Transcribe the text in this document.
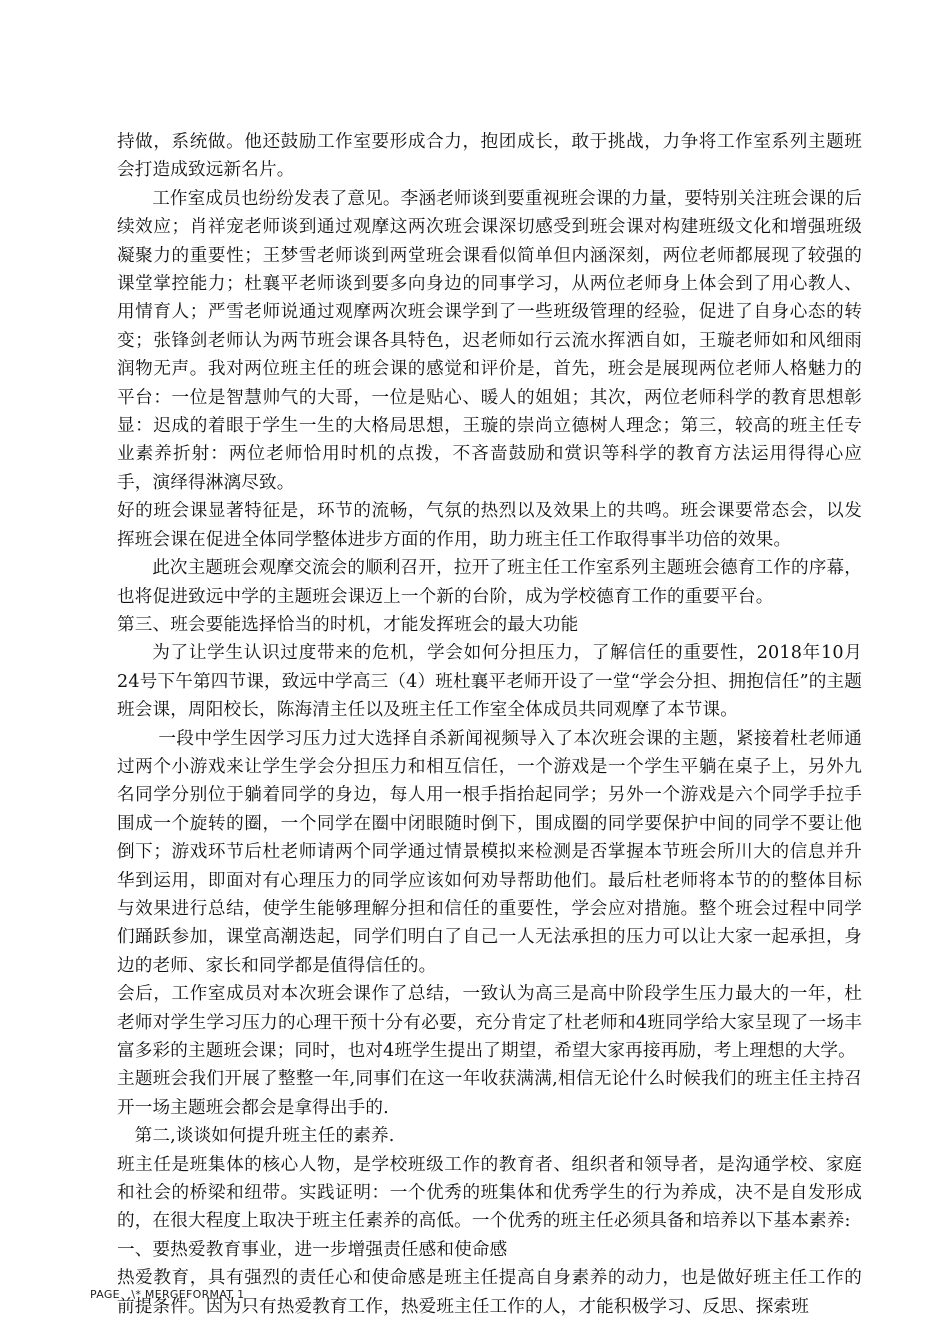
持做，系统做。他还鼓励工作室要形成合力，抱团成长，敢于挑战，力争将工作室系列主题班会打造成致远新名片。

工作室成员也纷纷发表了意见。李涵老师谈到要重视班会课的力量，要特别关注班会课的后续效应；肖祥宠老师谈到通过观摩这两次班会课深切感受到班会课对构建班级文化和增强班级凝聚力的重要性；王梦雪老师谈到两堂班会课看似简单但内涵深刻，两位老师都展现了较强的课堂掌控能力；杜襄平老师谈到要多向身边的同事学习，从两位老师身上体会到了用心教人、用情育人；严雪老师说通过观摩两次班会课学到了一些班级管理的经验，促进了自身心态的转变；张锋剑老师认为两节班会课各具特色，迟老师如行云流水挥洒自如，王璇老师如和风细雨润物无声。我对两位班主任的班会课的感觉和评价是，首先，班会是展现两位老师人格魅力的平台：一位是智慧帅气的大哥，一位是贴心、暖人的姐姐；其次，两位老师科学的教育思想彰显：迟成的着眼于学生一生的大格局思想，王璇的崇尚立德树人理念；第三，较高的班主任专业素养折射：两位老师恰用时机的点拨，不吝啬鼓励和赏识等科学的教育方法运用得得心应手，演绎得淋漓尽致。

好的班会课显著特征是，环节的流畅，气氛的热烈以及效果上的共鸣。班会课要常态会，以发挥班会课在促进全体同学整体进步方面的作用，助力班主任工作取得事半功倍的效果。

此次主题班会观摩交流会的顺利召开，拉开了班主任工作室系列主题班会德育工作的序幕，也将促进致远中学的主题班会课迈上一个新的台阶，成为学校德育工作的重要平台。

第三、班会要能选择恰当的时机，才能发挥班会的最大功能

为了让学生认识过度带来的危机，学会如何分担压力，了解信任的重要性，2018年10月24号下午第四节课，致远中学高三（4）班杜襄平老师开设了一堂“学会分担、拥抱信任”的主题班会课，周阳校长，陈海清主任以及班主任工作室全体成员共同观摩了本节课。

一段中学生因学习压力过大选择自杀新闻视频导入了本次班会课的主题，紧接着杜老师通过两个小游戏来让学生学会分担压力和相互信任，一个游戏是一个学生平躺在桌子上，另外九名同学分别位于躺着同学的身边，每人用一根手指抬起同学；另外一个游戏是六个同学手拉手围成一个旋转的圈，一个同学在圈中闭眼随时倒下，围成圈的同学要保护中间的同学不要让他倒下；游戏环节后杜老师请两个同学通过情景模拟来检测是否掌握本节班会所川大的信息并升华到运用，即面对有心理压力的同学应该如何劝导帮助他们。最后杜老师将本节的的整体目标与效果进行总结，使学生能够理解分担和信任的重要性，学会应对措施。整个班会过程中同学们踊跃参加，课堂高潮迭起，同学们明白了自己一人无法承担的压力可以让大家一起承担，身边的老师、家长和同学都是值得信任的。

会后，工作室成员对本次班会课作了总结，一致认为高三是高中阶段学生压力最大的一年，杜老师对学生学习压力的心理干预十分有必要，充分肯定了杜老师和4班同学给大家呈现了一场丰富多彩的主题班会课；同时，也对4班学生提出了期望，希望大家再接再励，考上理想的大学。

主题班会我们开展了整整一年,同事们在这一年收获满满,相信无论什么时候我们的班主任主持召开一场主题班会都会是拿得出手的.

第二,谈谈如何提升班主任的素养.

班主任是班集体的核心人物，是学校班级工作的教育者、组织者和领导者，是沟通学校、家庭和社会的桥梁和纽带。实践证明：一个优秀的班集体和优秀学生的行为养成，决不是自发形成的，在很大程度上取决于班主任素养的高低。一个优秀的班主任必须具备和培养以下基本素养:

一、要热爱教育事业，进一步增强责任感和使命感

热爱教育，具有强烈的责任心和使命感是班主任提高自身素养的动力，也是做好班主任工作的前提条件。因为只有热爱教育工作，热爱班主任工作的人，才能积极学习、反思、探索班

PAGE   \* MERGEFORMAT 1
